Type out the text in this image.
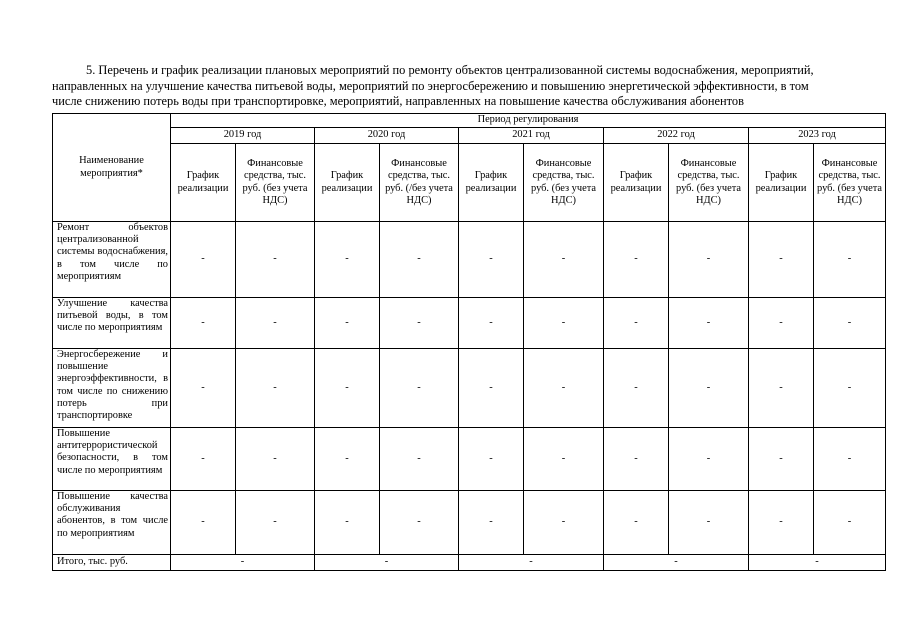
5. Перечень и график реализации плановых мероприятий по ремонту объектов централизованной системы водоснабжения, мероприятий,
направленных на улучшение качества питьевой воды, мероприятий по энергосбережению и повышению энергетической эффективности, в том
числе снижению потерь воды при транспортировке, мероприятий, направленных на повышение качества обслуживания абонентов
Наименование мероприятия*	Период регулирования									
	2019 год		2020 год		2021 год		2022 год		2023 год	
	График реализации	Финансовые средства, тыс. руб. (без учета НДС)	График реализации	Финансовые средства, тыс. руб. (/без учета НДС)	График реализации	Финансовые средства, тыс. руб. (без учета НДС)	График реализации	Финансовые средства, тыс. руб. (без учета НДС)	График реализации	Финансовые средства, тыс. руб. (без учета НДС)
Ремонт объектов централизованной системы водоснабжения, в том числе по мероприятиям	-	-	-	-	-	-	-	-	-	-
Улучшение качества питьевой воды, в том числе по мероприятиям	-	-	-	-	-	-	-	-	-	-
Энергосбережение и повышение энергоэффективности, в том числе по снижению потерь при транспортировке	-	-	-	-	-	-	-	-	-	-
Повышение антитеррористической безопасности, в том числе по мероприятиям	-	-	-	-	-	-	-	-	-	-
Повышение качества обслуживания абонентов, в том числе по мероприятиям	-	-	-	-	-	-	-	-	-	-
Итого, тыс. руб.	-		-		-		-		-	
